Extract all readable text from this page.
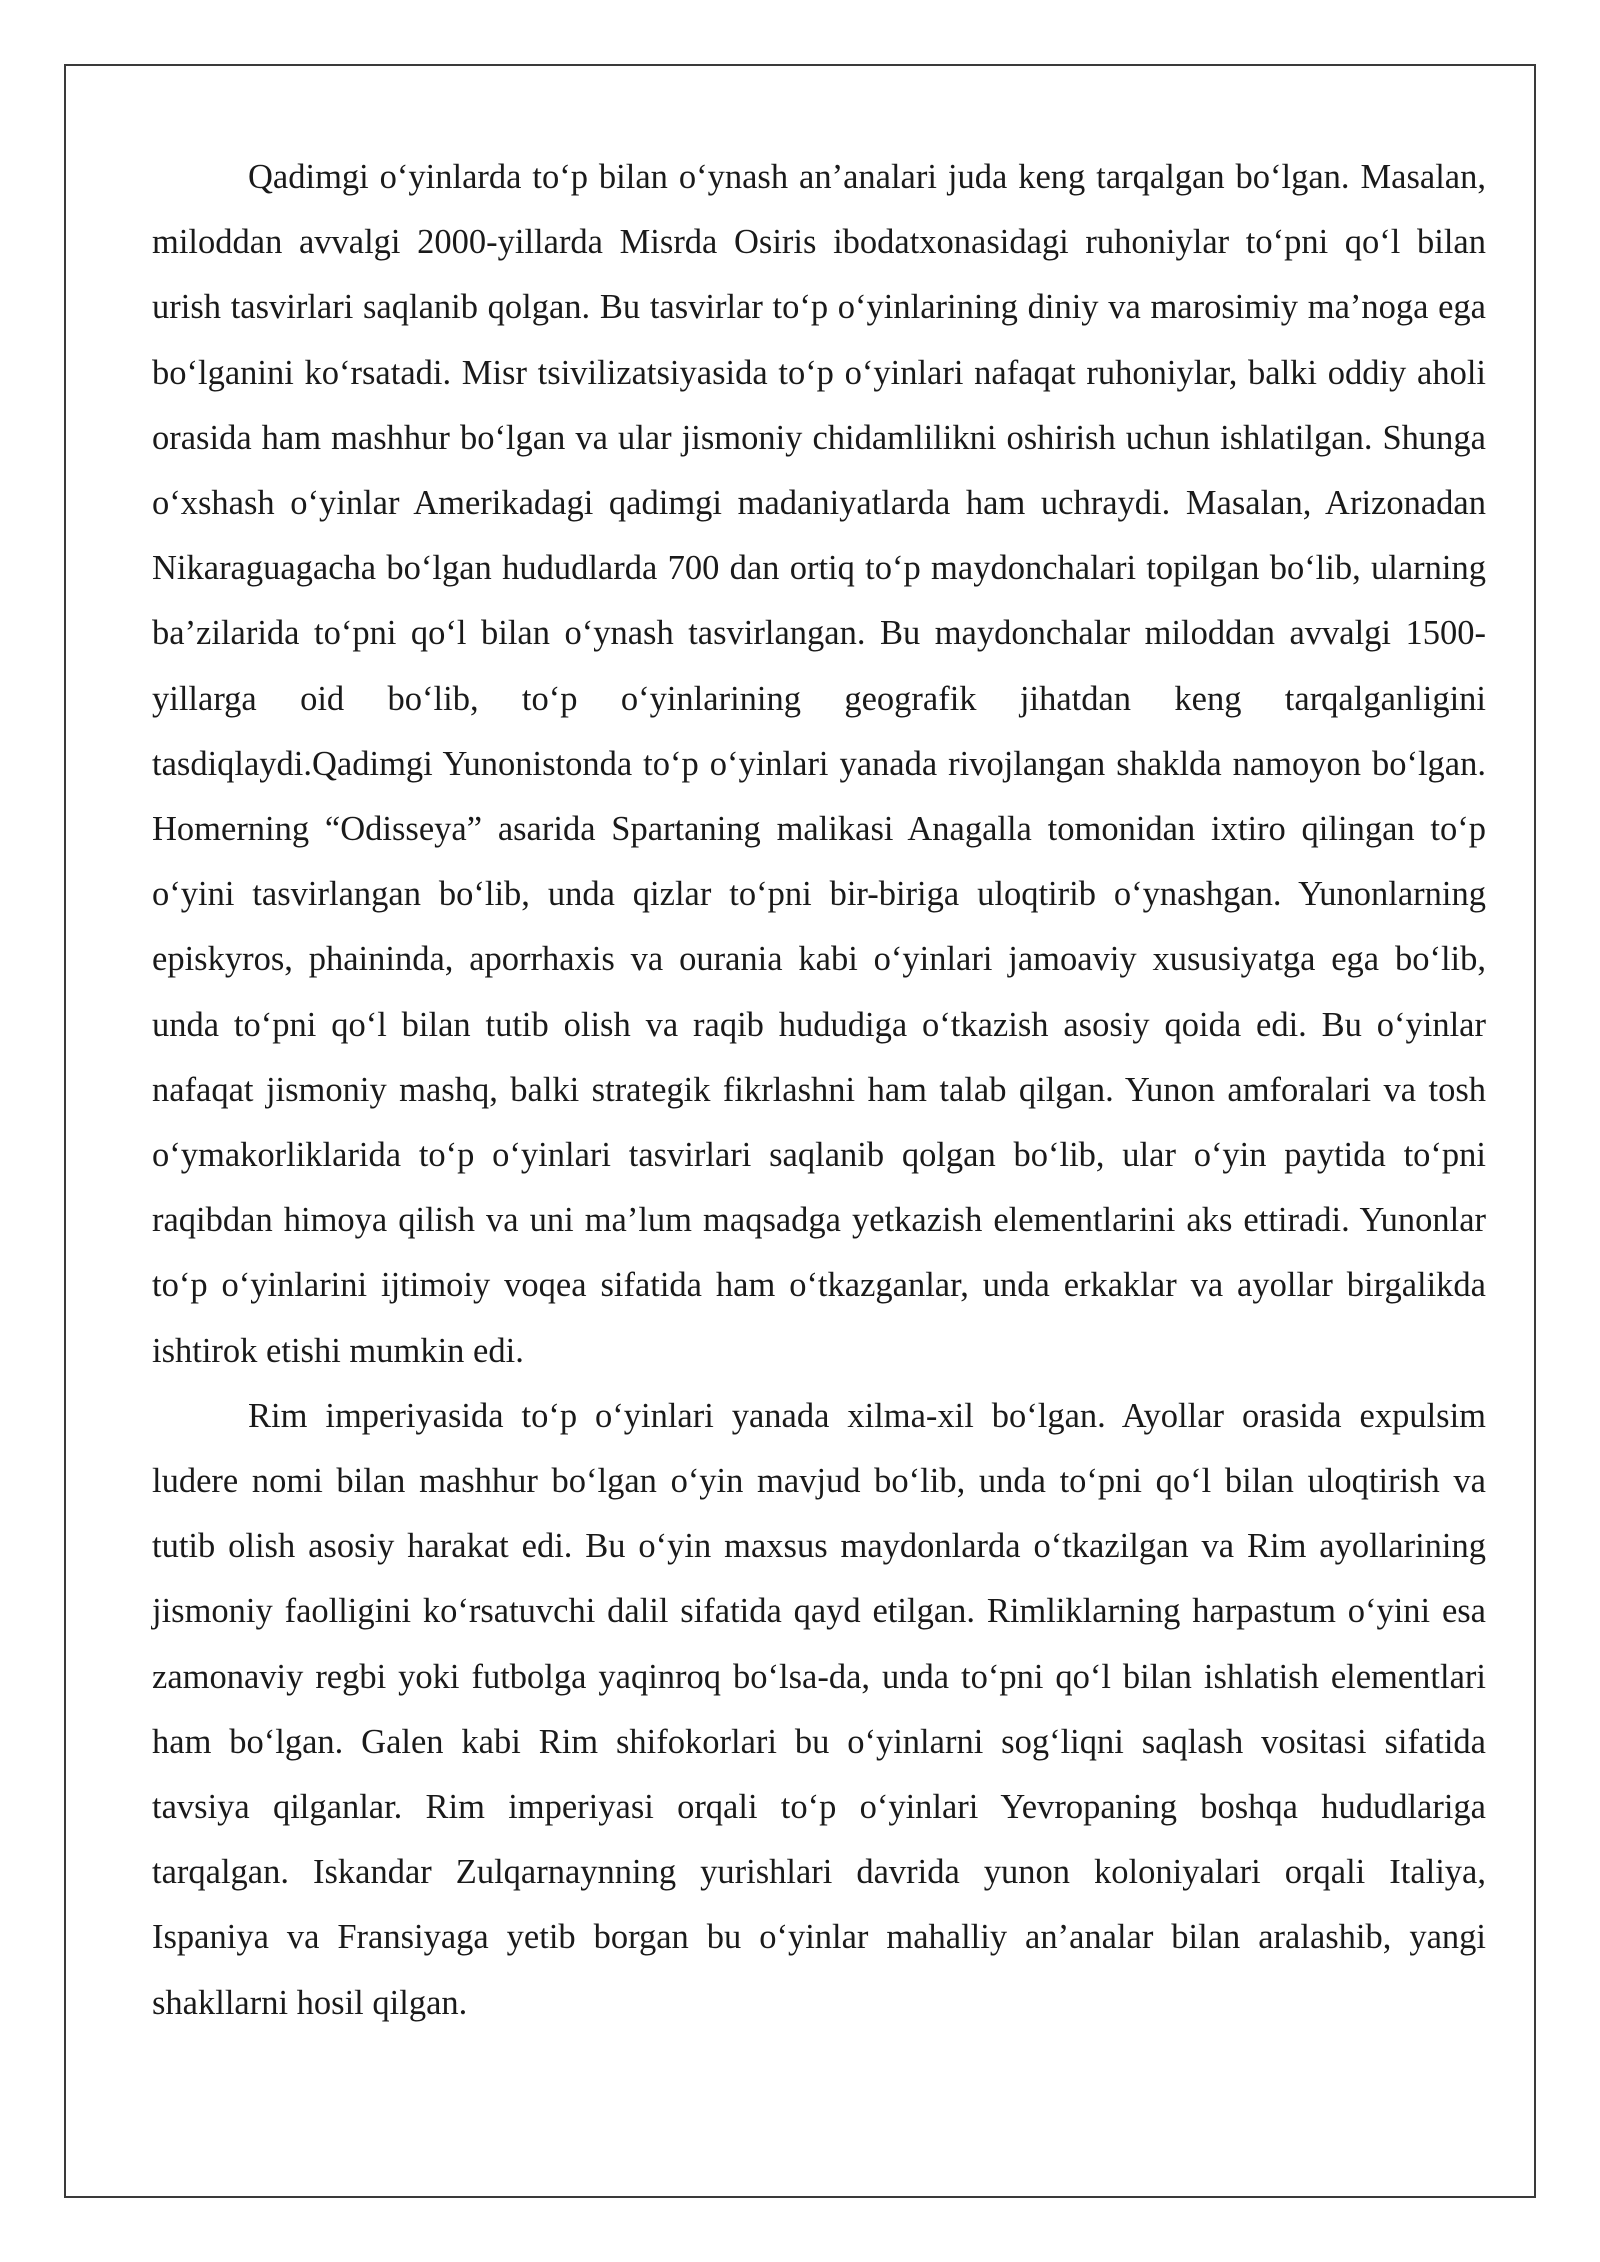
Qadimgi oʻyinlarda toʻp bilan oʻynash an’analari juda keng tarqalgan boʻlgan. Masalan, miloddan avvalgi 2000-yillarda Misrda Osiris ibodatxonasidagi ruhoniylar toʻpni qoʻl bilan urish tasvirlari saqlanib qolgan. Bu tasvirlar toʻp oʻyinlarining diniy va marosimiy ma’noga ega boʻlganini koʻrsatadi. Misr tsivilizatsiyasida toʻp oʻyinlari nafaqat ruhoniylar, balki oddiy aholi orasida ham mashhur boʻlgan va ular jismoniy chidamlilikni oshirish uchun ishlatilgan. Shunga oʻxshash oʻyinlar Amerikadagi qadimgi madaniyatlarda ham uchraydi. Masalan, Arizonadan Nikaraguagacha boʻlgan hududlarda 700 dan ortiq toʻp maydonchalari topilgan boʻlib, ularning ba’zilarida toʻpni qoʻl bilan oʻynash tasvirlangan. Bu maydonchalar miloddan avvalgi 1500-yillarga oid boʻlib, toʻp oʻyinlarining geografik jihatdan keng tarqalganligini tasdiqlaydi.Qadimgi Yunonistonda toʻp oʻyinlari yanada rivojlangan shaklda namoyon boʻlgan. Homerning “Odisseya” asarida Spartaning malikasi Anagalla tomonidan ixtiro qilingan toʻp oʻyini tasvirlangan boʻlib, unda qizlar toʻpni bir-biriga uloqtirib oʻynashgan. Yunonlarning episkyros, phaininda, aporrhaxis va ourania kabi oʻyinlari jamoaviy xususiyatga ega boʻlib, unda toʻpni qoʻl bilan tutib olish va raqib hududiga oʻtkazish asosiy qoida edi. Bu oʻyinlar nafaqat jismoniy mashq, balki strategik fikrlashni ham talab qilgan. Yunon amforalari va tosh oʻymakorliklarida toʻp oʻyinlari tasvirlari saqlanib qolgan boʻlib, ular oʻyin paytida toʻpni raqibdan himoya qilish va uni ma’lum maqsadga yetkazish elementlarini aks ettiradi. Yunonlar toʻp oʻyinlarini ijtimoiy voqea sifatida ham oʻtkazganlar, unda erkaklar va ayollar birgalikda ishtirok etishi mumkin edi.

Rim imperiyasida toʻp oʻyinlari yanada xilma-xil boʻlgan. Ayollar orasida expulsim ludere nomi bilan mashhur boʻlgan oʻyin mavjud boʻlib, unda toʻpni qoʻl bilan uloqtirish va tutib olish asosiy harakat edi. Bu oʻyin maxsus maydonlarda oʻtkazilgan va Rim ayollarining jismoniy faolligini koʻrsatuvchi dalil sifatida qayd etilgan. Rimliklarning harpastum oʻyini esa zamonaviy regbi yoki futbolga yaqinroq boʻlsa-da, unda toʻpni qoʻl bilan ishlatish elementlari ham boʻlgan. Galen kabi Rim shifokorlari bu oʻyinlarni sogʻliqni saqlash vositasi sifatida tavsiya qilganlar. Rim imperiyasi orqali toʻp oʻyinlari Yevropaning boshqa hududlariga tarqalgan. Iskandar Zulqarnaynning yurishlari davrida yunon koloniyalari orqali Italiya, Ispaniya va Fransiyaga yetib borgan bu oʻyinlar mahalliy an’analar bilan aralashib, yangi shakllarni hosil qilgan.
